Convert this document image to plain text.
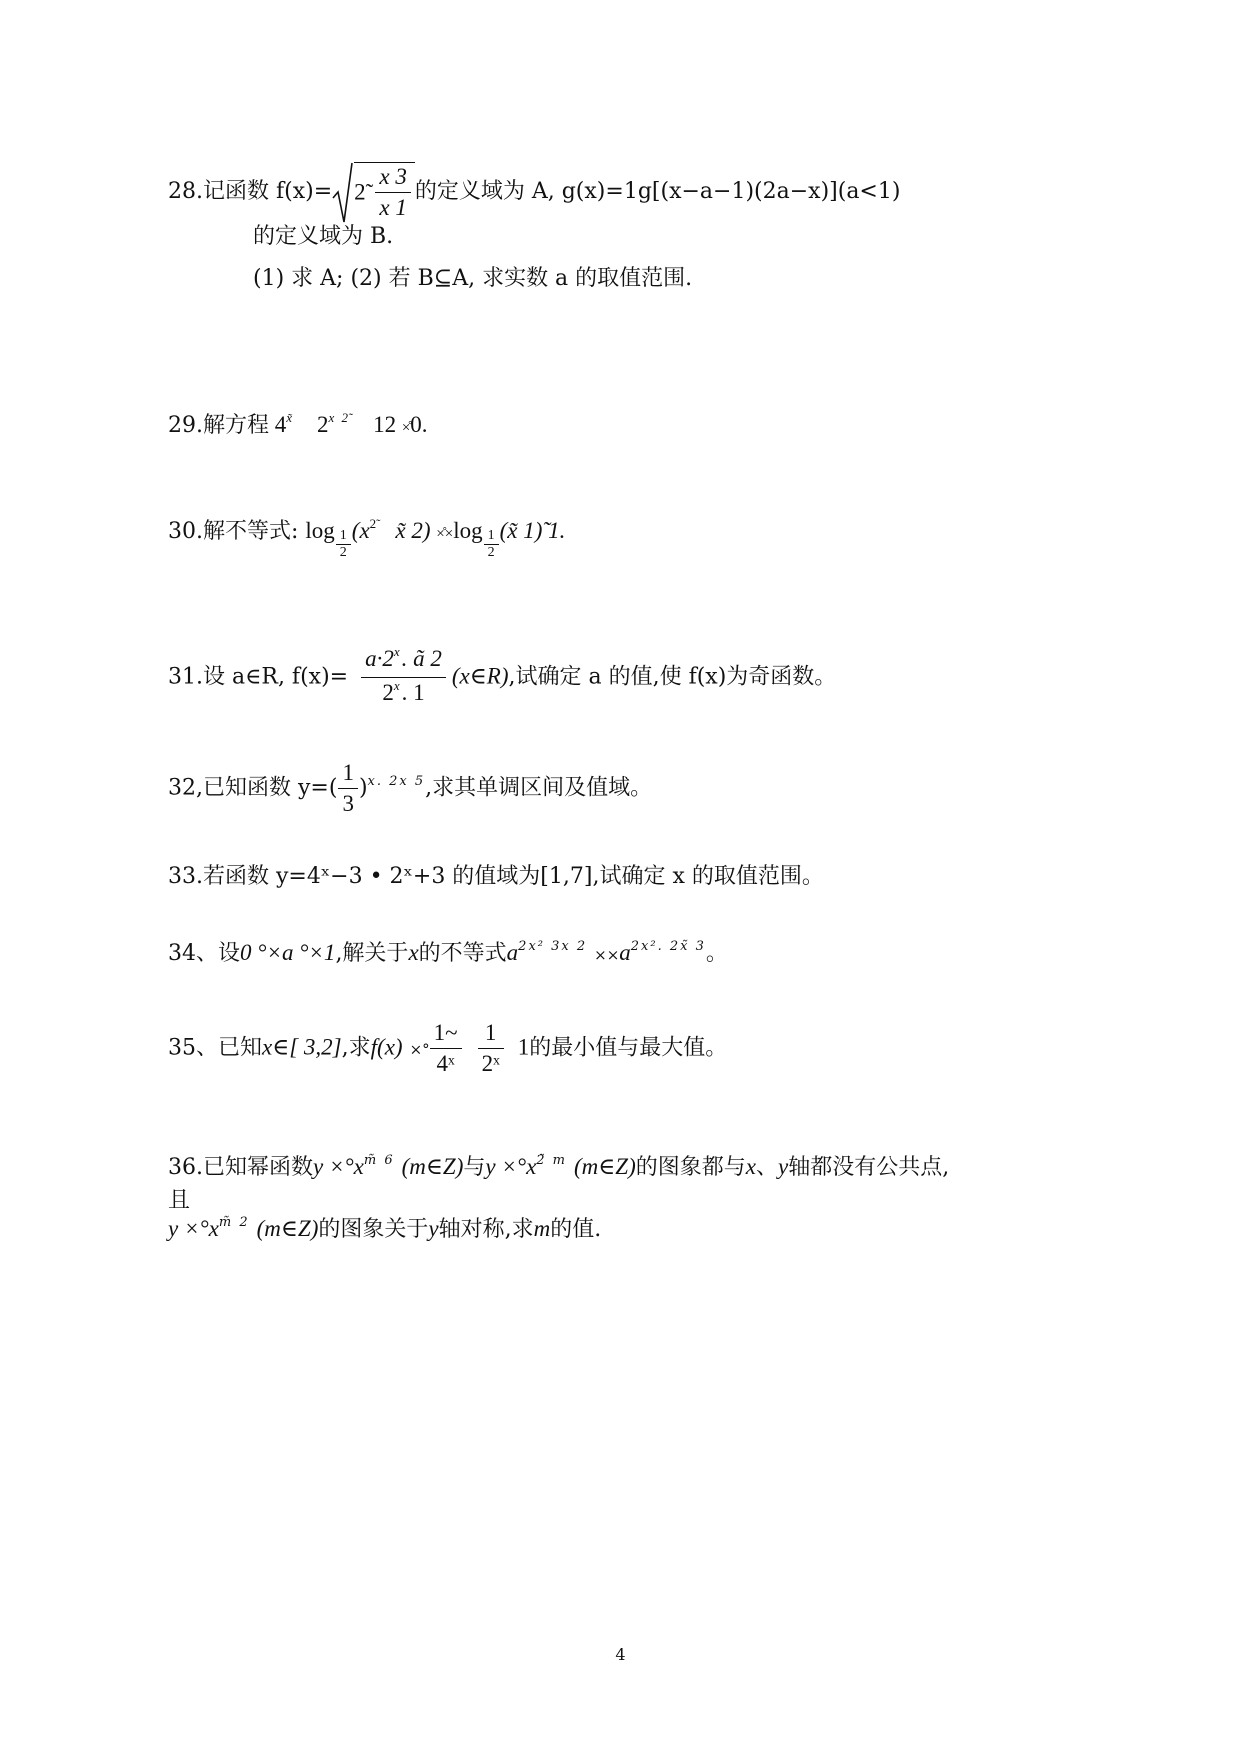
28.记函数 f(x)= 2̃ $\frac{x 3}{x 1}$ 的定义域为 A, g(x)=1g[(x−a−1)(2a−x)](a<1)
的定义域为 B.
(1) 求 A; (2) 若 B⊆A, 求实数 a 的取值范围.
29.解方程 $4^{x̃}$ $2^{x 2̃}$ 12 ×̊0.
30.解不等式: $\log \frac{1}{2} (x^{2̃}$ x̃ 2) ×̊×log $\frac{1}{2}$ (x̃ 1)̃ 1.
31.设 a∈R, $f(x)= \frac{a\cdot 2^x. ã 2}{2^x. 1}$ (x∈R),试确定 a 的值,使 f(x)为奇函数。
32,已知函数 $y=( \frac{1}{3} )^{x. 2x 5}$,求其单调区间及值域。
33.若函数 y=4ˣ−3 • 2ˣ+3 的值域为[1,7],试确定 x 的取值范围。
34、设0 °×a °×1,解关于x的不等式$a^{2x^2 3x 2} \times\times a^{2x^2. 2x̃ 3}$。
35、已知x∈[ 3,2],求f(x) ×° $\frac{1\sim}{\text{4ˣ}} \frac{1}{\text{2ˣ}} 1$的最小值与最大值。
36.已知幂函数$y \times^\circ x^{m̃ 6}$ (m∈Z)与$y \times^\circ x^{2̃ m}$ (m∈Z)的图象都与x、y轴都没有公共点,
且
$y \times^\circ x^{m̃ 2}$ (m∈Z)的图象关于y轴对称,求m的值.
4
